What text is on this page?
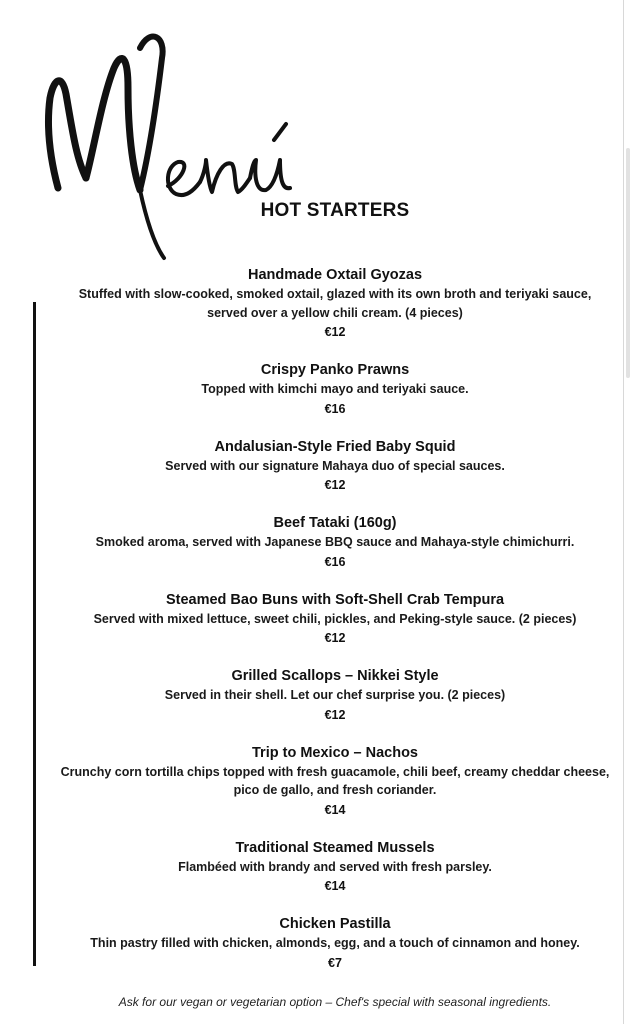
HOT STARTERS

Handmade Oxtail Gyozas

Stuffed with slow-cooked, smoked oxtail, glazed with its own broth and teriyaki sauce, served over a yellow chili cream. (4 pieces)

€12

Crispy Panko Prawns

Topped with kimchi mayo and teriyaki sauce.

€16

Andalusian-Style Fried Baby Squid

Served with our signature Mahaya duo of special sauces.

€12

Beef Tataki (160g)

Smoked aroma, served with Japanese BBQ sauce and Mahaya-style chimichurri.

€16

Steamed Bao Buns with Soft-Shell Crab Tempura

Served with mixed lettuce, sweet chili, pickles, and Peking-style sauce. (2 pieces)

€12

Grilled Scallops – Nikkei Style

Served in their shell. Let our chef surprise you. (2 pieces)

€12

Trip to Mexico – Nachos

Crunchy corn tortilla chips topped with fresh guacamole, chili beef, creamy cheddar cheese, pico de gallo, and fresh coriander.

€14

Traditional Steamed Mussels

Flambéed with brandy and served with fresh parsley.

€14

Chicken Pastilla

Thin pastry filled with chicken, almonds, egg, and a touch of cinnamon and honey.

€7

Ask for our vegan or vegetarian option – Chef's special with seasonal ingredients.
